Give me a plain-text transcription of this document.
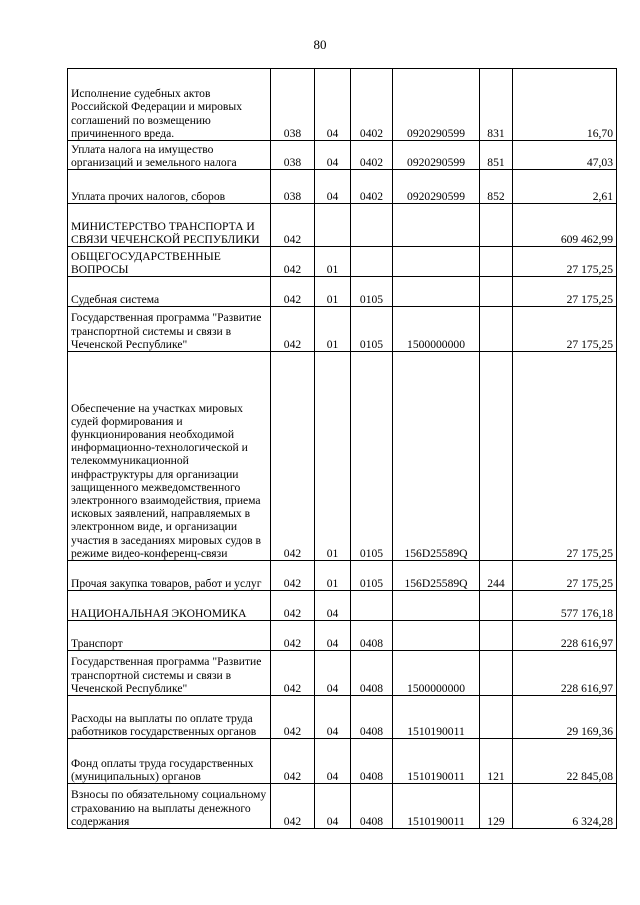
80
Исполнение судебных актов Российской Федерации и мировых соглашений по возмещению причиненного вреда.	038	04	0402	0920290599	831	16,70
Уплата налога на имущество организаций и земельного налога	038	04	0402	0920290599	851	47,03
Уплата прочих налогов, сборов	038	04	0402	0920290599	852	2,61
МИНИСТЕРСТВО ТРАНСПОРТА И СВЯЗИ ЧЕЧЕНСКОЙ РЕСПУБЛИКИ	042					609 462,99
ОБЩЕГОСУДАРСТВЕННЫЕ ВОПРОСЫ	042	01				27 175,25
Судебная система	042	01	0105			27 175,25
Государственная программа "Развитие транспортной системы и связи в Чеченской Республике"	042	01	0105	1500000000		27 175,25
Обеспечение на участках мировых судей формирования и функционирования необходимой информационно-технологической и телекоммуникационной инфраструктуры для организации защищенного межведомственного электронного взаимодействия, приема исковых заявлений, направляемых в электронном виде, и организации участия в заседаниях мировых судов в режиме видео-конференц-связи	042	01	0105	156D25589Q		27 175,25
Прочая закупка товаров, работ и услуг	042	01	0105	156D25589Q	244	27 175,25
НАЦИОНАЛЬНАЯ ЭКОНОМИКА	042	04				577 176,18
Транспорт	042	04	0408			228 616,97
Государственная программа "Развитие транспортной системы и связи в Чеченской Республике"	042	04	0408	1500000000		228 616,97
Расходы на выплаты по оплате труда работников государственных органов	042	04	0408	1510190011		29 169,36
Фонд оплаты труда государственных (муниципальных) органов	042	04	0408	1510190011	121	22 845,08
Взносы по обязательному социальному страхованию на выплаты денежного содержания	042	04	0408	1510190011	129	6 324,28
